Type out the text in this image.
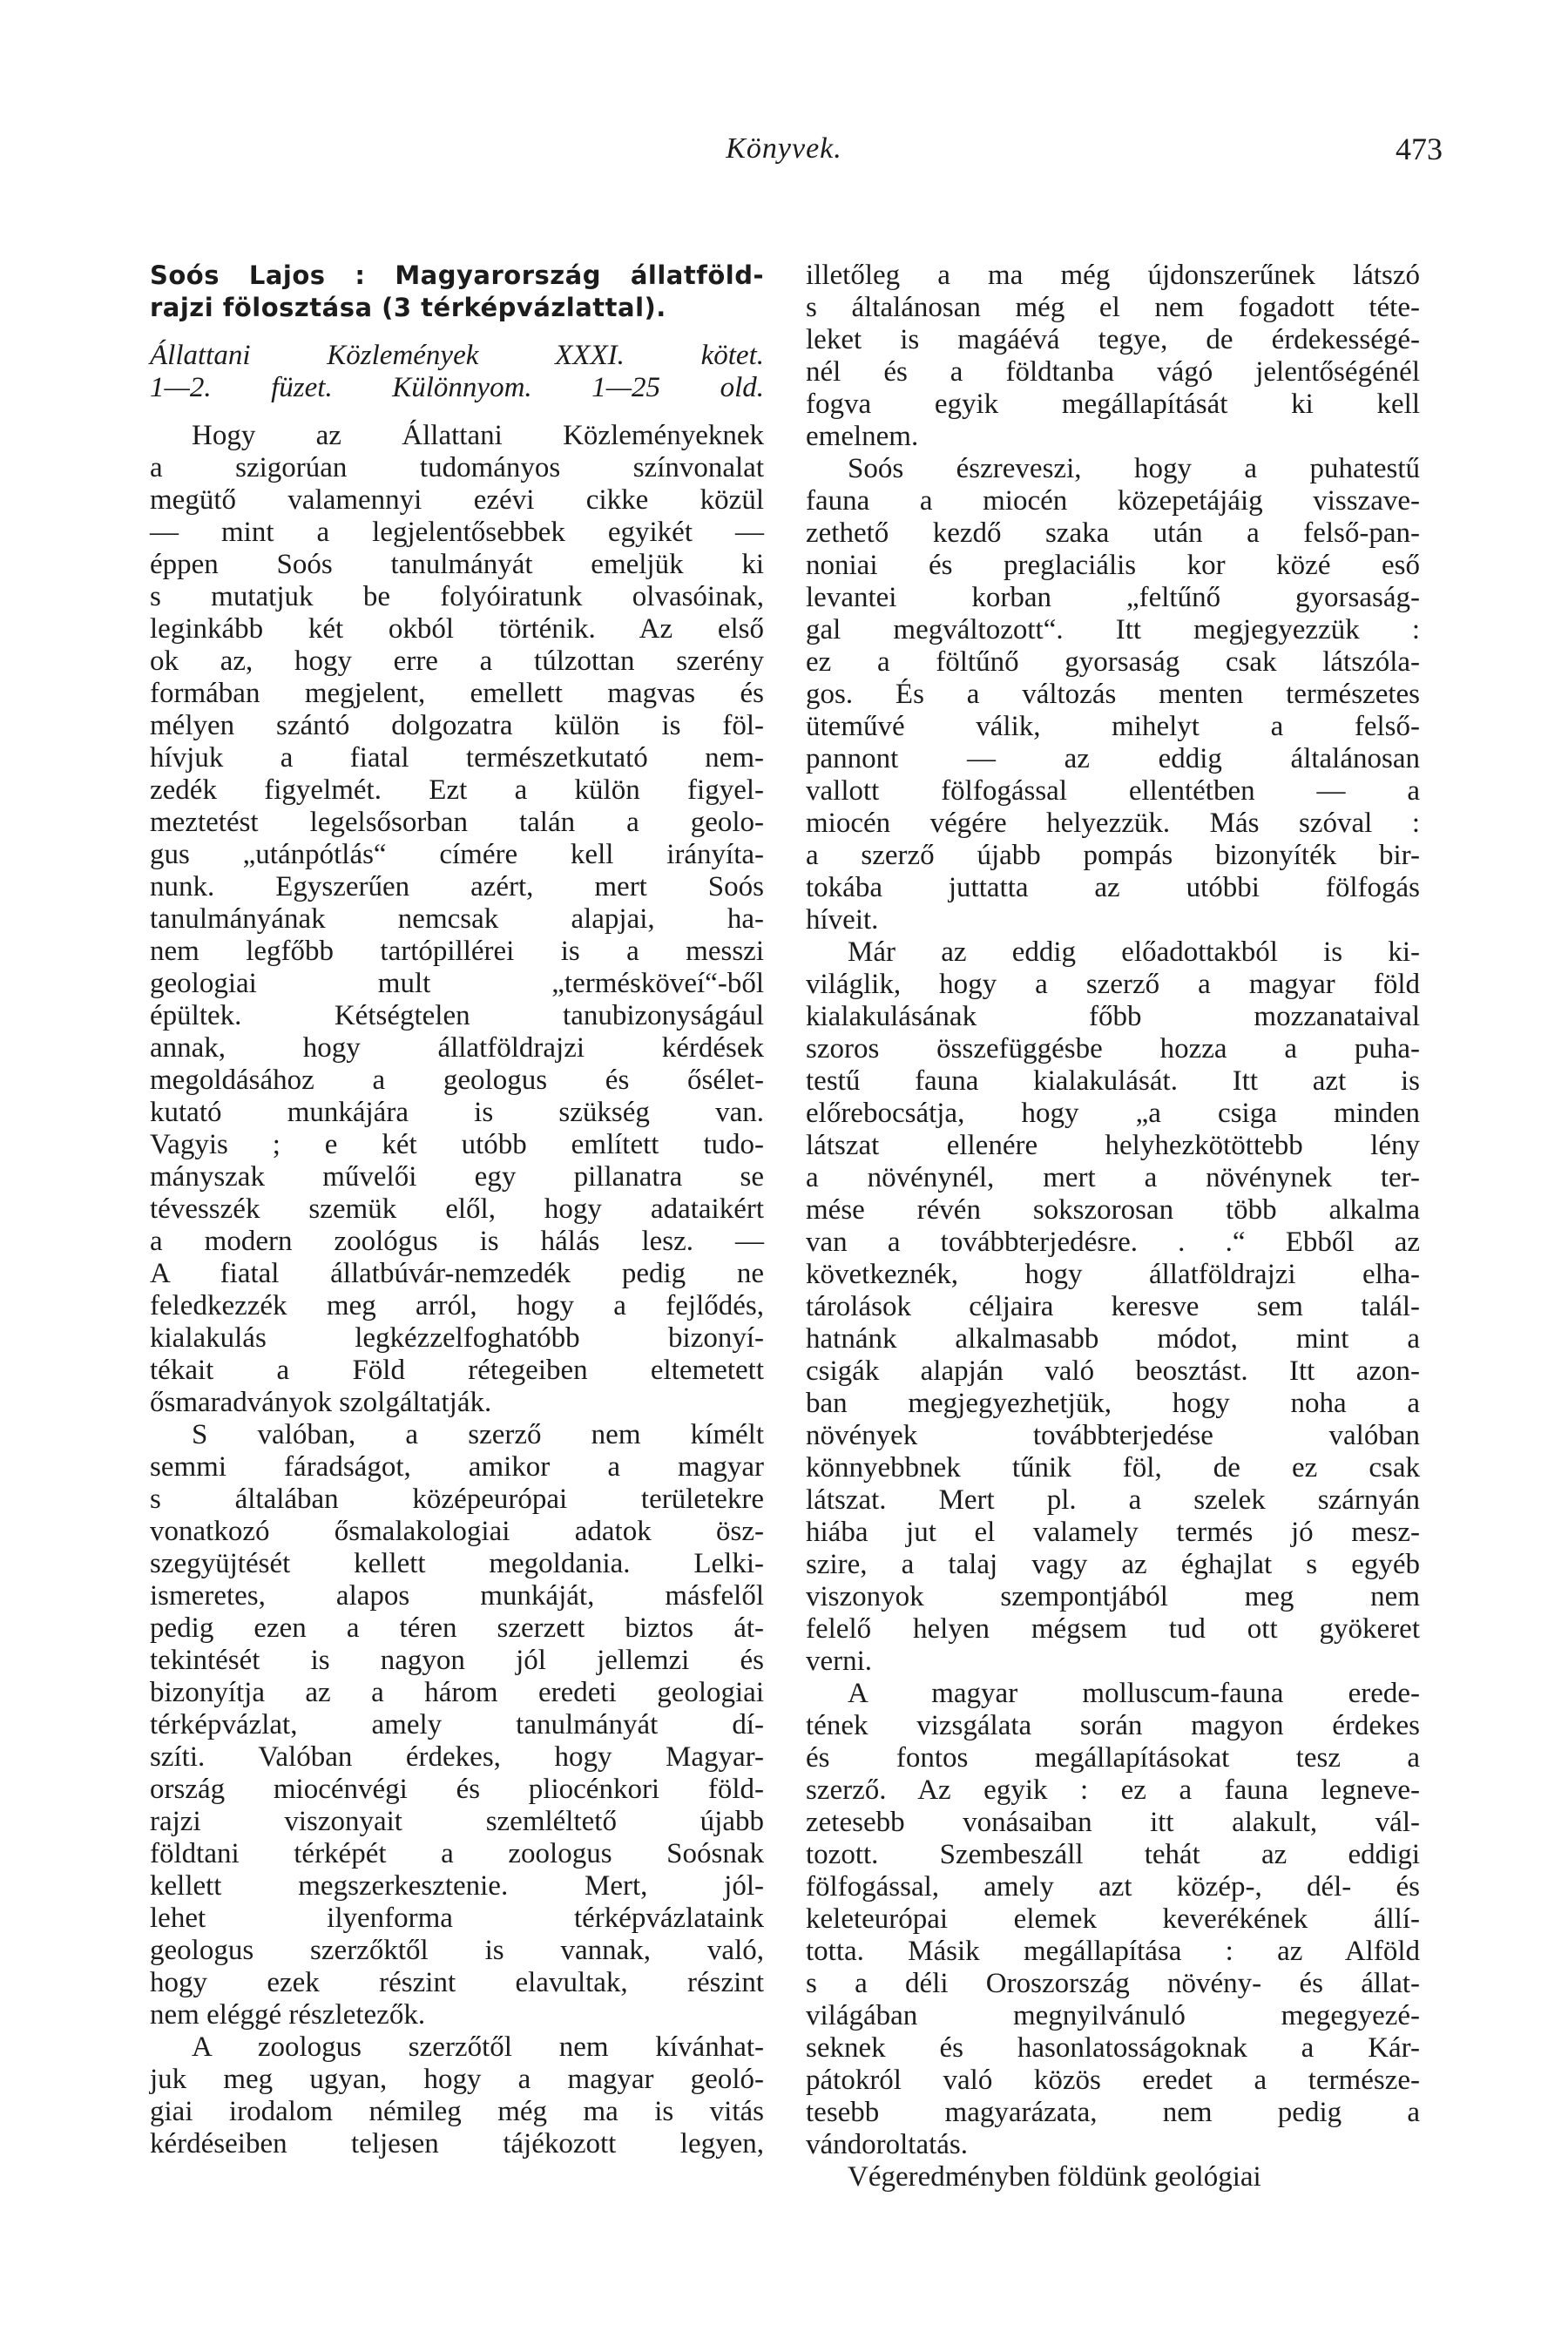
Könyvek.	473
Soós Lajos : Magyarország állatföld-
rajzi fölosztása (3 térképvázlattal).
Állattani Közlemények XXXI. kötet.
1—2. füzet. Különnyom. 1—25 old.
Hogy az Állattani Közleményeknek
a szigorúan tudományos színvonalat
megütő valamennyi ezévi cikke közül
— mint a legjelentősebbek egyikét —
éppen Soós tanulmányát emeljük ki
s mutatjuk be folyóiratunk olvasóinak,
leginkább két okból történik. Az első
ok az, hogy erre a túlzottan szerény
formában megjelent, emellett magvas és
mélyen szántó dolgozatra külön is föl-
hívjuk a fiatal természetkutató nem-
zedék figyelmét. Ezt a külön figyel-
meztetést legelsősorban talán a geolo-
gus „utánpótlás“ címére kell irányíta-
nunk. Egyszerűen azért, mert Soós
tanulmányának nemcsak alapjai, ha-
nem legfőbb tartópillérei is a messzi
geologiai mult „termésköveí“-ből
épültek. Kétségtelen tanubizonyságául
annak, hogy állatföldrajzi kérdések
megoldásához a geologus és ősélet-
kutató munkájára is szükség van.
Vagyis ; e két utóbb említett tudo-
mányszak művelői egy pillanatra se
tévesszék szemük elől, hogy adataikért
a modern zoológus is hálás lesz. —
A fiatal állatbúvár-nemzedék pedig ne
feledkezzék meg arról, hogy a fejlődés,
kialakulás legkézzelfoghatóbb bizonyí-
tékait a Föld rétegeiben eltemetett
ősmaradványok szolgáltatják.
S valóban, a szerző nem kímélt
semmi fáradságot, amikor a magyar
s általában középeurópai területekre
vonatkozó ősmalakologiai adatok ösz-
szegyüjtését kellett megoldania. Lelki-
ismeretes, alapos munkáját, másfelől
pedig ezen a téren szerzett biztos át-
tekintését is nagyon jól jellemzi és
bizonyítja az a három eredeti geologiai
térképvázlat, amely tanulmányát dí-
szíti. Valóban érdekes, hogy Magyar-
ország miocénvégi és pliocénkori föld-
rajzi viszonyait szemléltető újabb
földtani térképét a zoologus Soósnak
kellett megszerkesztenie. Mert, jól-
lehet ilyenforma térképvázlataink
geologus szerzőktől is vannak, való,
hogy ezek részint elavultak, részint
nem eléggé részletezők.
A zoologus szerzőtől nem kívánhat-
juk meg ugyan, hogy a magyar geoló-
giai irodalom némileg még ma is vitás
kérdéseiben teljesen tájékozott legyen,
illetőleg a ma még újdonszerűnek látszó
s általánosan még el nem fogadott téte-
leket is magáévá tegye, de érdekességé-
nél és a földtanba vágó jelentőségénél
fogva egyik megállapítását ki kell
emelnem.
Soós észreveszi, hogy a puhatestű
fauna a miocén közepetájáig visszave-
zethető kezdő szaka után a felső-pan-
noniai és preglaciális kor közé eső
levantei korban „feltűnő gyorsaság-
gal megváltozott“. Itt megjegyezzük :
ez a föltűnő gyorsaság csak látszóla-
gos. És a változás menten természetes
üteművé válik, mihelyt a felső-
pannont — az eddig általánosan
vallott fölfogással ellentétben — a
miocén végére helyezzük. Más szóval :
a szerző újabb pompás bizonyíték bir-
tokába juttatta az utóbbi fölfogás
híveit.
Már az eddig előadottakból is ki-
világlik, hogy a szerző a magyar föld
kialakulásának főbb mozzanataival
szoros összefüggésbe hozza a puha-
testű fauna kialakulását. Itt azt is
előrebocsátja, hogy „a csiga minden
látszat ellenére helyhezkötöttebb lény
a növénynél, mert a növénynek ter-
mése révén sokszorosan több alkalma
van a továbbterjedésre. . .“ Ebből az
következnék, hogy állatföldrajzi elha-
tárolások céljaira keresve sem talál-
hatnánk alkalmasabb módot, mint a
csigák alapján való beosztást. Itt azon-
ban megjegyezhetjük, hogy noha a
növények továbbterjedése valóban
könnyebbnek tűnik föl, de ez csak
látszat. Mert pl. a szelek szárnyán
hiába jut el valamely termés jó mesz-
szire, a talaj vagy az éghajlat s egyéb
viszonyok szempontjából meg nem
felelő helyen mégsem tud ott gyökeret
verni.
A magyar molluscum-fauna erede-
tének vizsgálata során magyon érdekes
és fontos megállapításokat tesz a
szerző. Az egyik : ez a fauna legneve-
zetesebb vonásaiban itt alakult, vál-
tozott. Szembeszáll tehát az eddigi
fölfogással, amely azt közép-, dél- és
keleteurópai elemek keverékének állí-
totta. Másik megállapítása : az Alföld
s a déli Oroszország növény- és állat-
világában megnyilvánuló megegyezé-
seknek és hasonlatosságoknak a Kár-
pátokról való közös eredet a természe-
tesebb magyarázata, nem pedig a
vándoroltatás.
Végeredményben földünk geológiai
